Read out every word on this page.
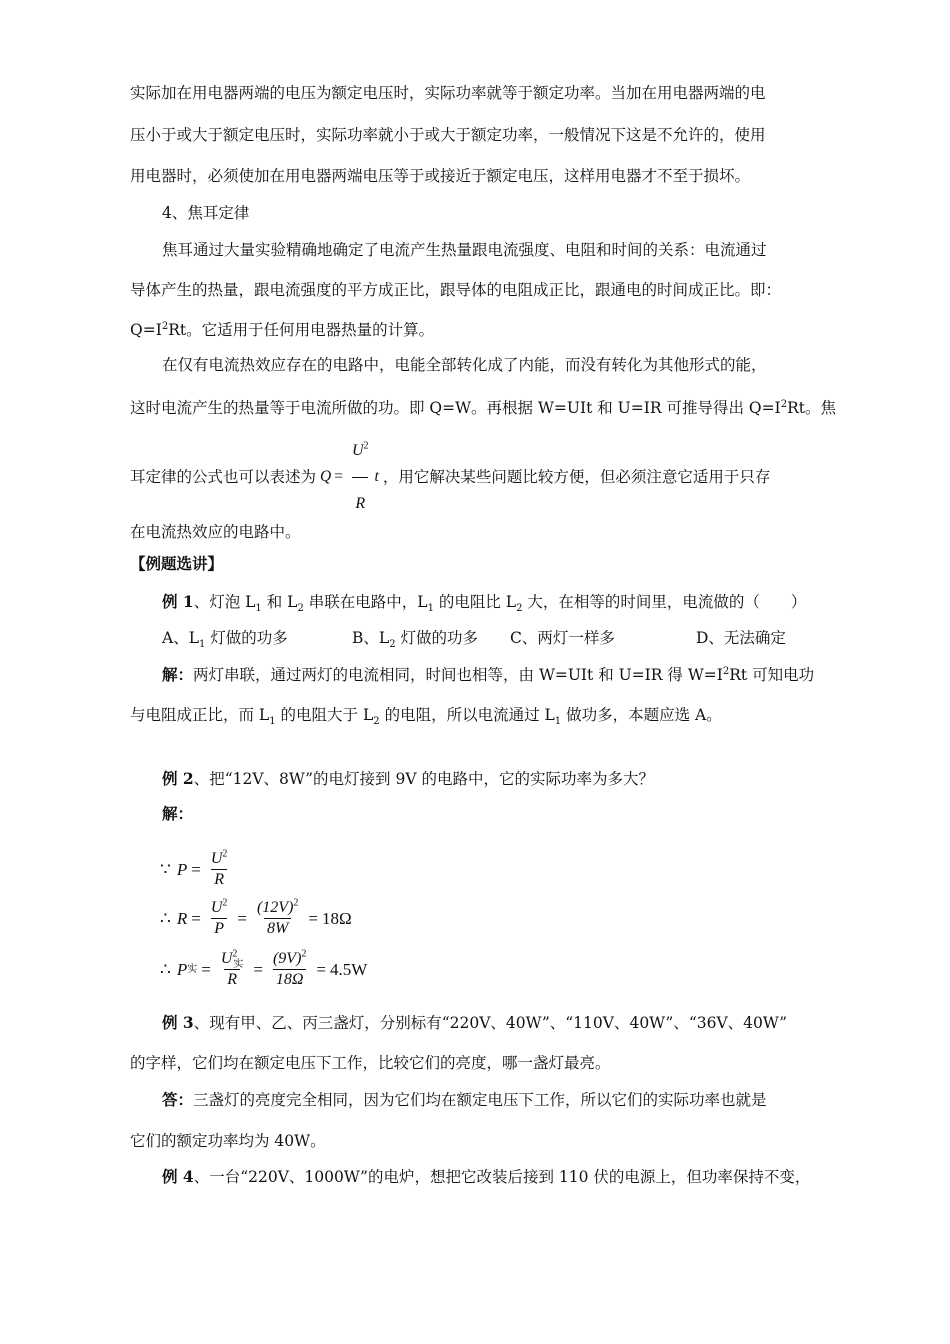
实际加在用电器两端的电压为额定电压时，实际功率就等于额定功率。当加在用电器两端的电
压小于或大于额定电压时，实际功率就小于或大于额定功率，一般情况下这是不允许的，使用
用电器时，必须使加在用电器两端电压等于或接近于额定电压，这样用电器才不至于损坏。
4、焦耳定律
焦耳通过大量实验精确地确定了电流产生热量跟电流强度、电阻和时间的关系：电流通过
导体产生的热量，跟电流强度的平方成正比，跟导体的电阻成正比，跟通电的时间成正比。即：
$Q=I^2Rt$。它适用于任何用电器热量的计算。
在仅有电流热效应存在的电路中，电能全部转化成了内能，而没有转化为其他形式的能，
这时电流产生的热量等于电流所做的功。即 Q=W。再根据 W=UIt 和 U=IR 可推导得出 $Q=I^2Rt$。焦
耳定律的公式也可以表述为 $Q = \frac{U^2}{R}$ t ，用它解决某些问题比较方便，但必须注意它适用于只存
在电流热效应的电路中。
【例题选讲】
例 1、灯泡 $L_1$ 和 $L_2$ 串联在电路中，$L_1$ 的电阻比 $L_2$ 大，在相等的时间里，电流做的（　　）
A、$L_1$ 灯做的功多	B、$L_2$ 灯做的功多 C、两灯一样多	D、无法确定
解：两灯串联，通过两灯的电流相同，时间也相等，由 W=UIt 和 U=IR 得 $W=I^2Rt$ 可知电功
与电阻成正比，而 $L_1$ 的电阻大于 $L_2$ 的电阻，所以电流通过 $L_1$ 做功多，本题应选 A。
例 2、把“12V、8W”的电灯接到 9V 的电路中，它的实际功率为多大？
解：
∵ $P = \frac{U^2}{R}$
∴ $R = \frac{U^2}{P} = \frac{(12V)^2}{8W} = 18\Omega$
∴ P 实 = $\frac{U^2_实}{R} = \frac{(9V)^2}{18\Omega} = 4.5W$
例 3、现有甲、乙、丙三盏灯，分别标有“220V、40W”、“110V、40W”、“36V、40W”
的字样，它们均在额定电压下工作，比较它们的亮度，哪一盏灯最亮。
答：三盏灯的亮度完全相同，因为它们均在额定电压下工作，所以它们的实际功率也就是
它们的额定功率均为 40W。
例 4、一台“220V、1000W”的电炉，想把它改装后接到 110 伏的电源上，但功率保持不变，
